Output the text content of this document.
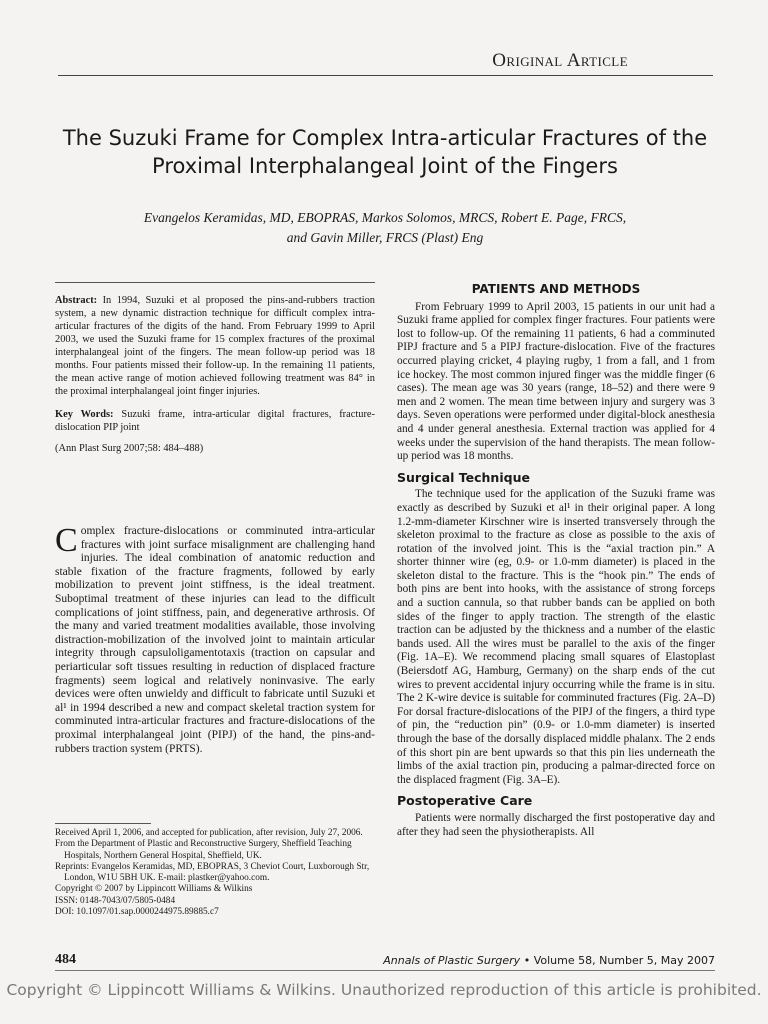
Original Article
The Suzuki Frame for Complex Intra-articular Fractures of the Proximal Interphalangeal Joint of the Fingers
Evangelos Keramidas, MD, EBOPRAS, Markos Solomos, MRCS, Robert E. Page, FRCS,
and Gavin Miller, FRCS (Plast) Eng

Abstract: In 1994, Suzuki et al proposed the pins-and-rubbers traction system, a new dynamic distraction technique for difficult complex intra-articular fractures of the digits of the hand. From February 1999 to April 2003, we used the Suzuki frame for 15 complex fractures of the proximal interphalangeal joint of the fingers. The mean follow-up period was 18 months. Four patients missed their follow-up. In the remaining 11 patients, the mean active range of motion achieved following treatment was 84° in the proximal interphalangeal joint finger injuries.

Key Words: Suzuki frame, intra-articular digital fractures, fracture-dislocation PIP joint

(Ann Plast Surg 2007;58: 484–488)

C omplex fracture-dislocations or comminuted intra-articular fractures with joint surface misalignment are challenging hand injuries. The ideal combination of anatomic reduction and stable fixation of the fracture fragments, followed by early mobilization to prevent joint stiffness, is the ideal treatment. Suboptimal treatment of these injuries can lead to the difficult complications of joint stiffness, pain, and degenerative arthrosis. Of the many and varied treatment modalities available, those involving distraction-mobilization of the involved joint to maintain articular integrity through capsuloligamentotaxis (traction on capsular and periarticular soft tissues resulting in reduction of displaced fracture fragments) seem logical and relatively noninvasive. The early devices were often unwieldy and difficult to fabricate until Suzuki et al¹ in 1994 described a new and compact skeletal traction system for comminuted intra-articular fractures and fracture-dislocations of the proximal interphalangeal joint (PIPJ) of the hand, the pins-and-rubbers traction system (PRTS).

Received April 1, 2006, and accepted for publication, after revision, July 27, 2006.

From the Department of Plastic and Reconstructive Surgery, Sheffield Teaching Hospitals, Northern General Hospital, Sheffield, UK.

Reprints: Evangelos Keramidas, MD, EBOPRAS, 3 Cheviot Court, Luxborough Str, London, W1U 5BH UK. E-mail: plastker@yahoo.com.

Copyright © 2007 by Lippincott Williams & Wilkins

ISSN: 0148-7043/07/5805-0484

DOI: 10.1097/01.sap.0000244975.89885.c7

PATIENTS AND METHODS

From February 1999 to April 2003, 15 patients in our unit had a Suzuki frame applied for complex finger fractures. Four patients were lost to follow-up. Of the remaining 11 patients, 6 had a comminuted PIPJ fracture and 5 a PIPJ fracture-dislocation. Five of the fractures occurred playing cricket, 4 playing rugby, 1 from a fall, and 1 from ice hockey. The most common injured finger was the middle finger (6 cases). The mean age was 30 years (range, 18–52) and there were 9 men and 2 women. The mean time between injury and surgery was 3 days. Seven operations were performed under digital-block anesthesia and 4 under general anesthesia. External traction was applied for 4 weeks under the supervision of the hand therapists. The mean follow-up period was 18 months.

Surgical Technique

The technique used for the application of the Suzuki frame was exactly as described by Suzuki et al¹ in their original paper. A long 1.2-mm-diameter Kirschner wire is inserted transversely through the skeleton proximal to the fracture as close as possible to the axis of rotation of the involved joint. This is the “axial traction pin.” A shorter thinner wire (eg, 0.9- or 1.0-mm diameter) is placed in the skeleton distal to the fracture. This is the “hook pin.” The ends of both pins are bent into hooks, with the assistance of strong forceps and a suction cannula, so that rubber bands can be applied on both sides of the finger to apply traction. The strength of the elastic traction can be adjusted by the thickness and a number of the elastic bands used. All the wires must be parallel to the axis of the finger (Fig. 1A–E). We recommend placing small squares of Elastoplast (Beiersdotf AG, Hamburg, Germany) on the sharp ends of the cut wires to prevent accidental injury occurring while the frame is in situ. The 2 K-wire device is suitable for comminuted fractures (Fig. 2A–D) For dorsal fracture-dislocations of the PIPJ of the fingers, a third type of pin, the “reduction pin” (0.9- or 1.0-mm diameter) is inserted through the base of the dorsally displaced middle phalanx. The 2 ends of this short pin are bent upwards so that this pin lies underneath the limbs of the axial traction pin, producing a palmar-directed force on the displaced fragment (Fig. 3A–E).

Postoperative Care

Patients were normally discharged the first postoperative day and after they had seen the physiotherapists. All

484	Annals of Plastic Surgery • Volume 58, Number 5, May 2007
Copyright © Lippincott Williams & Wilkins. Unauthorized reproduction of this article is prohibited.
